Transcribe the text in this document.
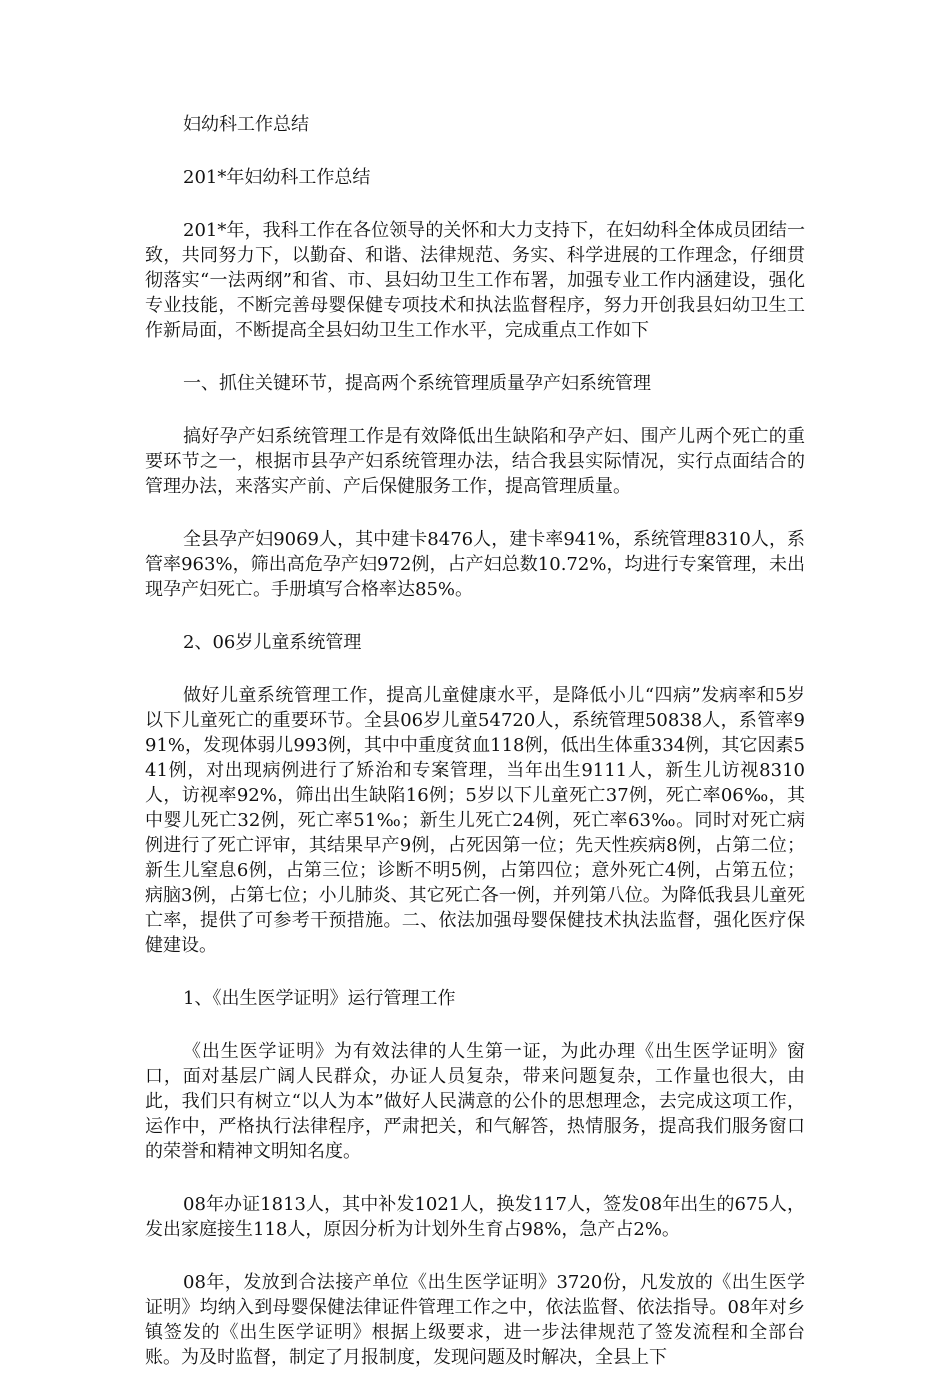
妇幼科工作总结

201*年妇幼科工作总结

201*年，我科工作在各位领导的关怀和大力支持下，在妇幼科全体成员团结一致，共同努力下，以勤奋、和谐、法律规范、务实、科学进展的工作理念，仔细贯彻落实“一法两纲”和省、市、县妇幼卫生工作布署，加强专业工作内涵建设，强化专业技能，不断完善母婴保健专项技术和执法监督程序，努力开创我县妇幼卫生工作新局面，不断提高全县妇幼卫生工作水平，完成重点工作如下

一、抓住关键环节，提高两个系统管理质量孕产妇系统管理

搞好孕产妇系统管理工作是有效降低出生缺陷和孕产妇、围产儿两个死亡的重要环节之一，根据市县孕产妇系统管理办法，结合我县实际情况，实行点面结合的管理办法，来落实产前、产后保健服务工作，提高管理质量。

全县孕产妇9069人，其中建卡8476人，建卡率941%，系统管理8310人，系管率963%，筛出高危孕产妇972例，占产妇总数10.72%，均进行专案管理，未出现孕产妇死亡。手册填写合格率达85%。

2、06岁儿童系统管理

做好儿童系统管理工作，提高儿童健康水平，是降低小儿“四病”发病率和5岁以下儿童死亡的重要环节。全县06岁儿童54720人，系统管理50838人，系管率991%，发现体弱儿993例，其中中重度贫血118例，低出生体重334例，其它因素541例，对出现病例进行了矫治和专案管理，当年出生9111人，新生儿访视8310人，访视率92%，筛出出生缺陷16例；5岁以下儿童死亡37例，死亡率06‰，其中婴儿死亡32例，死亡率51‰；新生儿死亡24例，死亡率63‰。同时对死亡病例进行了死亡评审，其结果早产9例，占死因第一位；先天性疾病8例，占第二位；新生儿窒息6例，占第三位；诊断不明5例，占第四位；意外死亡4例，占第五位；病脑3例，占第七位；小儿肺炎、其它死亡各一例，并列第八位。为降低我县儿童死亡率，提供了可参考干预措施。二、依法加强母婴保健技术执法监督，强化医疗保健建设。

1、《出生医学证明》运行管理工作

《出生医学证明》为有效法律的人生第一证，为此办理《出生医学证明》窗口，面对基层广阔人民群众，办证人员复杂，带来问题复杂，工作量也很大，由此，我们只有树立“以人为本”做好人民满意的公仆的思想理念，去完成这项工作，运作中，严格执行法律程序，严肃把关，和气解答，热情服务，提高我们服务窗口的荣誉和精神文明知名度。

08年办证1813人，其中补发1021人，换发117人，签发08年出生的675人，发出家庭接生118人，原因分析为计划外生育占98%，急产占2%。

08年，发放到合法接产单位《出生医学证明》3720份，凡发放的《出生医学证明》均纳入到母婴保健法律证件管理工作之中，依法监督、依法指导。08年对乡镇签发的《出生医学证明》根据上级要求，进一步法律规范了签发流程和全部台账。为及时监督，制定了月报制度，发现问题及时解决，全县上下
